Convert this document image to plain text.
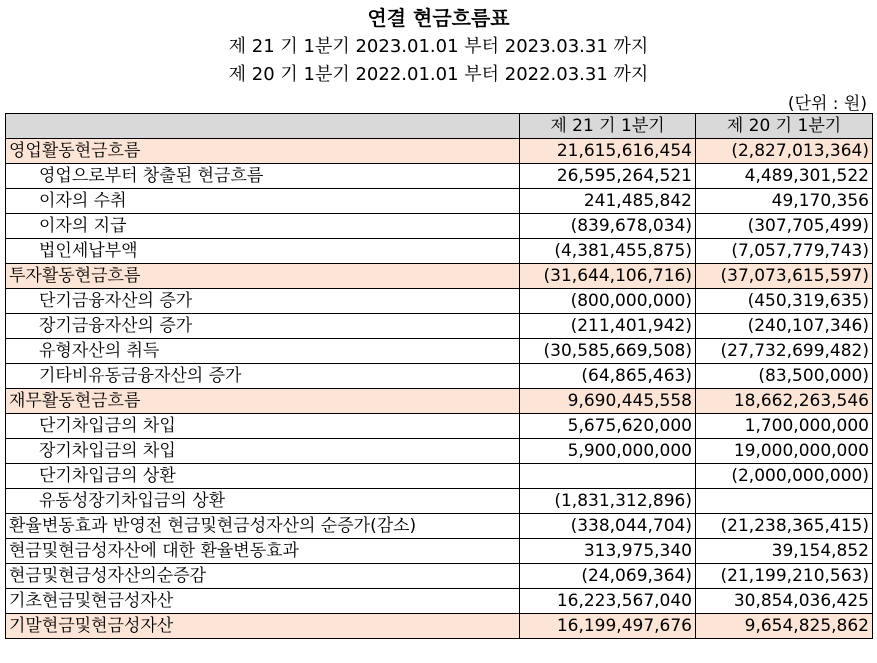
연결 현금흐름표
제 21 기 1분기 2023.01.01 부터 2023.03.31 까지
제 20 기 1분기 2022.01.01 부터 2022.03.31 까지
(단위 : 원)
	제 21 기 1분기	제 20 기 1분기
영업활동현금흐름	21,615,616,454	(2,827,013,364)
영업으로부터 창출된 현금흐름	26,595,264,521	4,489,301,522
이자의 수취	241,485,842	49,170,356
이자의 지급	(839,678,034)	(307,705,499)
법인세납부액	(4,381,455,875)	(7,057,779,743)
투자활동현금흐름	(31,644,106,716)	(37,073,615,597)
단기금융자산의 증가	(800,000,000)	(450,319,635)
장기금융자산의 증가	(211,401,942)	(240,107,346)
유형자산의 취득	(30,585,669,508)	(27,732,699,482)
기타비유동금융자산의 증가	(64,865,463)	(83,500,000)
재무활동현금흐름	9,690,445,558	18,662,263,546
단기차입금의 차입	5,675,620,000	1,700,000,000
장기차입금의 차입	5,900,000,000	19,000,000,000
단기차입금의 상환		(2,000,000,000)
유동성장기차입금의 상환	(1,831,312,896)	
환율변동효과 반영전 현금및현금성자산의 순증가(감소)	(338,044,704)	(21,238,365,415)
현금및현금성자산에 대한 환율변동효과	313,975,340	39,154,852
현금및현금성자산의순증감	(24,069,364)	(21,199,210,563)
기초현금및현금성자산	16,223,567,040	30,854,036,425
기말현금및현금성자산	16,199,497,676	9,654,825,862
